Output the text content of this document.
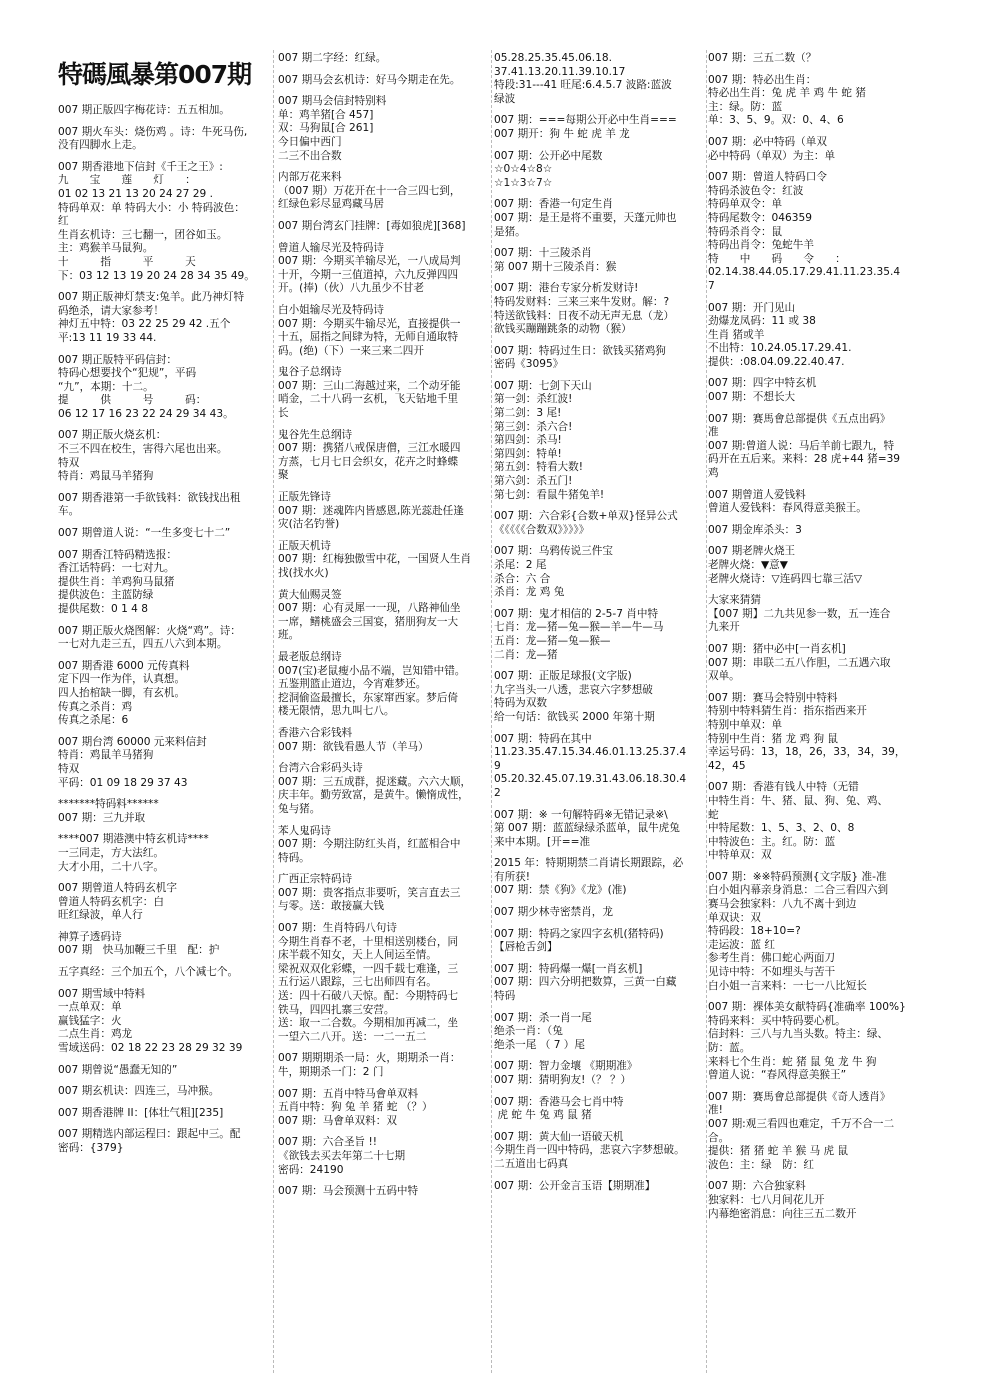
特碼風暴第007期
007 期正版四字梅花诗：五五相加。
007 期火车头：烧伤鸡 。诗：牛死马伤,
没有四脚水上走。
007 期香港地下信封《千王之王》:
九　　宝　　莲　　灯　　：
01 02 13 21 13 20 24 27 29 .
特码单双：单 特码大小：小 特码波色：
红
生肖玄机诗：三七翻一，团谷如玉。
主：鸡猴羊马鼠狗。
十　　　指　　　平　　　天
下：03 12 13 19 20 24 28 34 35 49。
007 期正版神灯禁支:兔羊。此乃神灯特
码绝杀，请大家参考！
神灯五中特：03 22 25 29 42 .五个
平:13 11 19 33 44.
007 期正版特平码信封：
特码心想要找个“犯规”，平码
“九”，本期：十二。
提　　　供　　　号　　　码：
06 12 17 16 23 22 24 29 34 43。
007 期正版火烧玄机：
不三不四在校生，害得六尾也出来。
特双
特肖：鸡鼠马羊猪狗
007 期香港第一手欲钱料：欲钱找出租
车。
007 期曾道人说：“一生多变七十二”
007 期香江特码精选报：
香江话特码：一七对九。
提供生肖：羊鸡狗马鼠猪
提供波色：主蓝防绿
提供尾数：0 1 4 8
007 期正版火烧图解：火烧“鸡”。诗：
一七对九走三五，四五八六到本期。
007 期香港 6000 元传真料
定下四一作为伴，认真想。
四人抬棺缺一脚，有玄机。
传真之杀肖：鸡
传真之杀尾：6
007 期台湾 60000 元来料信封
特肖：鸡鼠羊马猪狗
特双
平码：01 09 18 29 37 43
*******特码料******
007 期：三九并取
****007 期港澳中特玄机诗****
一三同走，方大法红。
大才小用，二十八字。
007 期曾道人特码玄机字
曾道人特码玄机字：白
旺红绿波，单人行
神算子透码诗
007 期　快马加鞭三千里　配：护
五字真经：三个加五个，八个减七个。
007 期雪域中特料
一点单双：单
赢钱猛字：火
二点生肖：鸡龙
雪域送码：02 18 22 23 28 29 32 39
007 期曾说“愚蠢无知的”
007 期玄机诀：四连三，马冲猴。
007 期香港牌 II：[体壮气粗][235]
007 期精选内部运程曰：跟起中三。配
密码：{379}
007 期二字经：红绿。
007 期马会玄机诗：好马今期走在先。
007 期马会信封特别料
单：鸡羊猪[合 457]
双：马狗鼠[合 261]
今日偏中西门
二三不出合数
内部万花来料
（007 期）万花开在十一合三四七到，
红绿色彩尽显鸡藏马居
007 期台湾玄门挂牌：[毒如狼虎][368]
曾道人输尽光及特码诗
007 期：今期买羊输尽光，一八成局判
十开，今期一三值道掉，六九反弹四四
开。(捧)（伙）八九虽少不甘老
白小姐输尽光及特码诗
007 期：今期买牛输尽光，直接提供一
十五，屈指之间肆为特，无师自通取特
码。(绝)（下）一来三来二四开
鬼谷子总纲诗
007 期：三山二海越过来，二个动牙能
哨金，二十八码一玄机，飞天钻地千里
长
鬼谷先生总纲诗
007 期：携猪八戒保唐僧，三江水暖四
方蒸，七月七日会织女，花卉之时蜂蝶
聚
正版先锋诗
007 期：迷魂阵内皆感恩,陈光蕊赴任逢
灾(沽名钓誉)
正版天机诗
007 期：红梅独傲雪中花，一国贤人生肖
找(找水火)
黄大仙赐灵签
007 期：心有灵犀一一现，八路神仙坐
一席，鳝桃盛会三国宴，猪朋狗友一大
班。
最老版总纲诗
007(宝)老鼠瘦小品不端，岂知错中错。
五鉴荆篮止道边，今宵难梦还。
挖洞偷盗最擅长，东家窜西家。梦后倚
楼无限情，思九叫七八。
香港六合彩钱料
007 期：欲钱看愚人节（羊马）
台湾六合彩码头诗
007 期：三五成群，捉迷藏。六六大顺，
庆丰年。勤劳致富，是黄牛。懒惰成性，
兔与猪。
苯人鬼码诗
007 期：今期注防红头肖，红蓝相合中
特码。
广西正宗特码诗
007 期：贵客指点非要听，笑言直去三
与零。送：敢接赢大钱
007 期：生肖特码八句诗
今期生肖春不老，十里相送别楼台，同
床半载不知女，天上人间运至情。
梁祝双双化彩蝶，一四千载七难逢，三
五行运八跟踪，三七出师四有名。
送：四十石破八天惊。配：今期特码七
铁马，四四扎寨三安营。
送：取一二合数。今期相加再减二，坐
一望六二八开。送：一二一五二
007 期期期杀一局：火，期期杀一肖：
牛，期期杀一门：2 门
007 期：五肖中特马會单双料
五肖中特：狗 兔 羊 猪 蛇 （？）
007 期：马會单双料：双
007 期：六合圣旨 !!
《欲钱去买去年第二十七期
密码：24190
007 期：马会预测十五码中特
05.28.25.35.45.06.18.
37.41.13.20.11.39.10.17
特段:31---41 旺尾:6.4.5.7 波路:蓝波
绿波
007 期：===每期公开必中生肖===
007 期开：狗 牛 蛇 虎 羊 龙
007 期：公开必中尾数
☆0☆4☆8☆
☆1☆3☆7☆
007 期：香港一句定生肖
007 期：是王是将不重要，天蓬元帅也
是猪。
007 期：十三陵杀肖
第 007 期十三陵杀肖：猴
007 期：港台专家分析发财诗!
特码发财料：三来三来牛发财。解：?
特送欲钱料：日夜不动无声无息（龙）
欲钱买蹦蹦跳条的动物（猴）
007 期：特码过生日：欲钱买猪鸡狗
密码《3095》
007 期：七剑下天山
第一剑：杀红波!
第二剑：3 尾!
第三剑：杀六合!
第四剑：杀马!
第四剑：特单!
第五剑：特看大数!
第六剑：杀五门!
第七剑：看鼠牛猪兔羊!
007 期：六合彩{合数+单双}怪异公式
《《《《《合数双》》》》》
007 期：乌鸦传说三件宝
杀尾：2 尾
杀合：六 合
杀肖：龙 鸡 兔
007 期：鬼才相信的 2-5-7 肖中特
七肖：龙—猪—兔—猴—羊—牛—马
五肖：龙—猪—兔—猴—
二肖：龙—猪
007 期：正版足球报(文字版)
九字当头一八透，悲哀六字梦想破
特码为双数
给一句话：欲钱买 2000 年第十期
007 期：特码在其中
11.23.35.47.15.34.46.01.13.25.37.4
9
05.20.32.45.07.19.31.43.06.18.30.4
2
007 期：※ 一句解特码※无错记录※\
第 007 期：蓝蓝绿绿杀蓝单，鼠牛虎兔
来中本期。[开==准
2015 年：特期期禁二肖请长期跟踪，必
有所获!
007 期：禁《狗》《龙》(准)
007 期少林寺密禁肖，龙
007 期：特码之家四字玄机(猪特码)
【唇枪舌剑】
007 期：特码爆一爆[一肖玄机]
007 期：四六分明把数算，三黄一白藏
特码
007 期：杀一肖一尾
绝杀一肖：（兔
绝杀一尾 （ 7 ）尾
007 期：智力金壤 《期期准》
007 期：猜明狗友!（？ ？）
007 期：香港马会七肖中特
虎 蛇 牛 兔 鸡 鼠 猪
007 期：黄大仙一语破天机
今期生肖一四中特码，悲哀六字梦想破。
二五道出七码真
007 期：公开金言玉语【期期准】
007 期：三五二数（？
007 期：特必出生肖：
特必出生肖：兔 虎 羊 鸡 牛 蛇 猪
主：绿。防：蓝
单：3、5、9。双：0、4、6
007 期：必中特码（单双
必中特码（单双）为主：单
007 期：曾道人特码口令
特码杀波色令：红波
特码单双令：单
特码尾数令：046359
特码杀肖令：鼠
特码出肖令：兔蛇牛羊
特　　中　　码　　令　　：
02.14.38.44.05.17.29.41.11.23.35.4
7
007 期：开门见山
劲爆龙凤码：11 或 38
生肖 猪或羊
不出特：10.24.05.17.29.41.
提供：:08.04.09.22.40.47.
007 期：四字中特玄机
007 期：不想长大
007 期：赛馬會总部提供《五点出码》
准
007 期:曾道人说：马后羊前七跟九，特
码开在五后来。来料：28 虎+44 猪=39
鸡
007 期曾道人爱钱料
曾道人爱钱料：春风得意美猴王。
007 期金库杀头：3
007 期老牌火烧王
老牌火烧：▼意▼
老牌火烧诗：▽连码四七靠三活▽
大家来猜猜
【007 期】二九共见参一数，五一连合
九来开
007 期：猪中必中[一肖玄机]
007 期：串联二五八作胆，二五遇六取
双单。
007 期：赛马会特别中特料
特别中特料猜生肖：指东指西来开
特别中单双：单
特别中生肖：猪 龙 鸡 狗 鼠
幸运号码：13，18，26，33，34，39，
42，45
007 期：香港有钱人中特（无错
中特生肖：牛、猪、鼠、狗、兔、鸡、
蛇
中特尾数：1、5、3、2、0、8
中特波色：主。红。防：蓝
中特单双：双
007 期：※※特码预测{文字版} 准-准
白小姐内幕亲身消息：二合三看四六到
赛马会独家料：八九不离十到边
单双诀：双
特码段：18+10=?
走运波：蓝 红
参考生肖：佛口蛇心两面刀
见诗中特：不如埋头与苦干
白小姐一言来料：一七一八比短长
007 期：裸体美女献特码{准确率 100%}
特码来料：买中特码要心机。
信封料：三八与九当头数。特主：绿、
防：蓝。
来料七个生肖：蛇 猪 鼠 兔 龙 牛 狗
曾道人说：“春风得意美猴王”
007 期：赛馬會总部提供《奇人透肖》
准!
007 期:观三看四也难定，千万不合一二
合。
提供：猪 猪 蛇 羊 猴 马 虎 鼠
波色：主：绿　防：红
007 期：六合独家料
独家料：七八月间花儿开
内幕绝密消息：向往三五二数开
